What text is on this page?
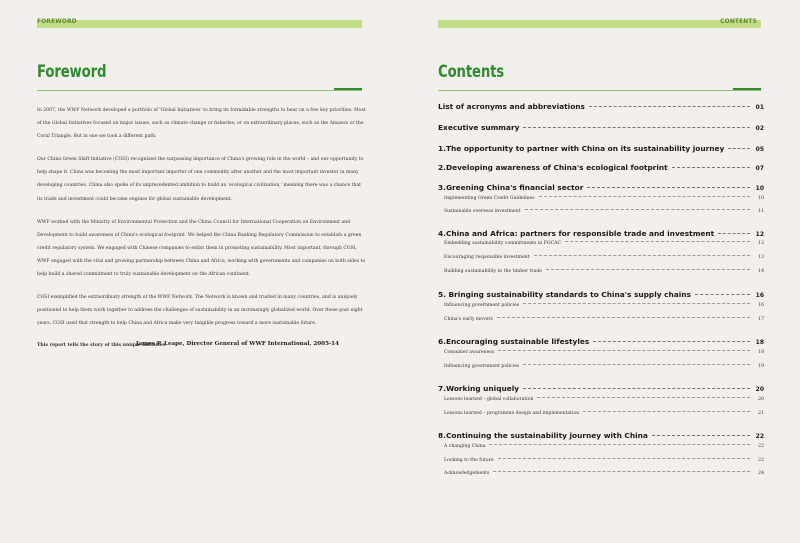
FOREWORD
Foreword

In 2007, the WWF Network developed a portfolio of 'Global Initiatives' to bring its formidable strengths to bear on a few key priorities. Most of the Global Initiatives focused on major issues, such as climate change or fisheries; or on extraordinary places, such as the Amazon or the Coral Triangle. But in one we took a different path.

Our China Green Shift Initiative (CGSI) recognized the surpassing importance of China's growing role in the world – and our opportunity to help shape it. China was becoming the most important importer of one commodity after another and the most important investor in many developing countries. China also spoke of its unprecedented ambition to build an 'ecological civilization,' meaning there was a chance that its trade and investment could become engines for global sustainable development.

WWF worked with the Ministry of Environmental Protection and the China Council for International Cooperation on Environment and Development to build awareness of China's ecological footprint. We helped the China Banking Regulatory Commission to establish a green credit regulatory system. We engaged with Chinese companies to enlist them in promoting sustainability. Most important, through CGSI, WWF engaged with the vital and growing partnership between China and Africa, working with governments and companies on both sides to help build a shared commitment to truly sustainable development on the African continent.

CGSI exemplified the extraordinary strength of the WWF Network. The Network is known and trusted in many countries, and is uniquely positioned to help them work together to address the challenges of sustainability in an increasingly globalized world. Over these past eight years, CGSI used that strength to help China and Africa make very tangible progress toward a more sustainable future.

This report tells the story of this unique initiative.

James P. Leape, Director General of WWF International, 2005-14
CONTENTS
Contents
List of acronyms and abbreviations	01
Executive summary	02
1.The opportunity to partner with China on its sustainability journey	05
2.Developing awareness of China's ecological footprint	07
3.Greening China's financial sector	10
Implementing Green Credit Guidelines	10
Sustainable overseas investment	11
4.China and Africa: partners for responsible trade and investment	12
Embedding sustainability commitments in FOCAC	12
Encouraging responsible investment	13
Building sustainability in the timber trade	14
5. Bringing sustainability standards to China's supply chains	16
Influencing government policies	16
China's early movers	17
6.Encouraging sustainable lifestyles	18
Consumer awareness	18
Influencing government policies	19
7.Working uniquely	20
Lessons learned – global collaboration	20
Lessons learned – programme design and implementation	21
8.Continuing the sustainability journey with China	22
A changing China	22
Looking to the future	22
Acknowledgements	24
